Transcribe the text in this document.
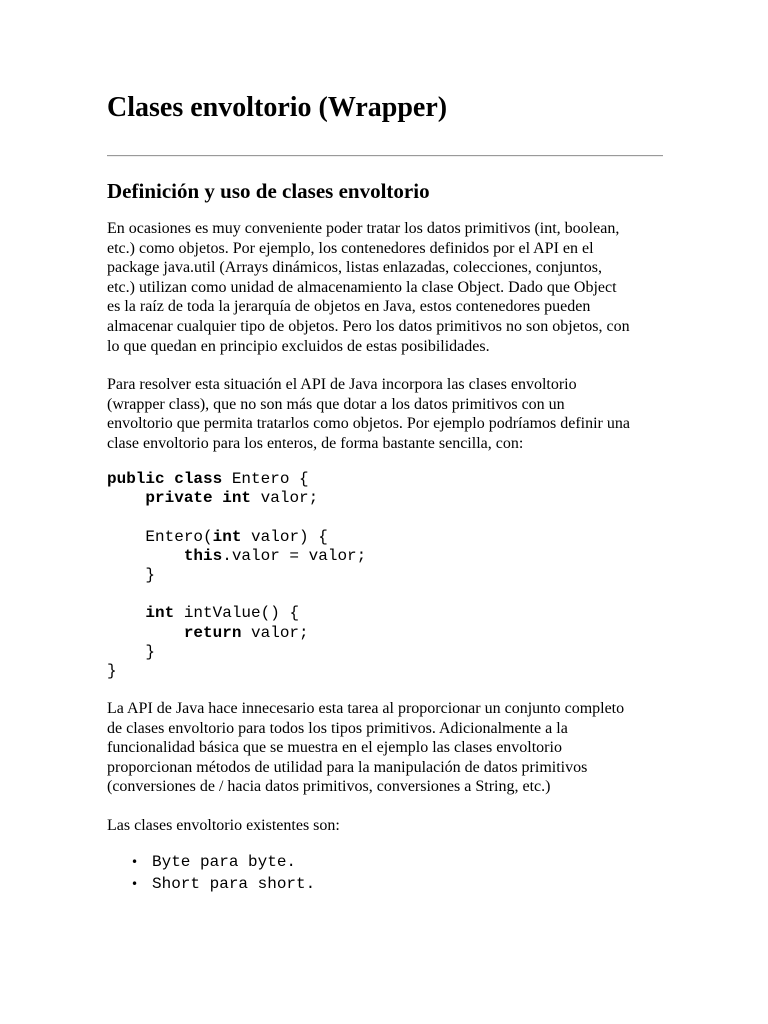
Clases envoltorio (Wrapper)
Definición y uso de clases envoltorio

En ocasiones es muy conveniente poder tratar los datos primitivos (int, boolean,
etc.) como objetos. Por ejemplo, los contenedores definidos por el API en el
package java.util (Arrays dinámicos, listas enlazadas, colecciones, conjuntos,
etc.) utilizan como unidad de almacenamiento la clase Object. Dado que Object
es la raíz de toda la jerarquía de objetos en Java, estos contenedores pueden
almacenar cualquier tipo de objetos. Pero los datos primitivos no son objetos, con
lo que quedan en principio excluidos de estas posibilidades.

Para resolver esta situación el API de Java incorpora las clases envoltorio
(wrapper class), que no son más que dotar a los datos primitivos con un
envoltorio que permita tratarlos como objetos. Por ejemplo podríamos definir una
clase envoltorio para los enteros, de forma bastante sencilla, con:

public class Entero {
private int valor;
Entero(int valor) {
this.valor = valor;
}
int intValue() {
return valor;
}
}

La API de Java hace innecesario esta tarea al proporcionar un conjunto completo
de clases envoltorio para todos los tipos primitivos. Adicionalmente a la
funcionalidad básica que se muestra en el ejemplo las clases envoltorio
proporcionan métodos de utilidad para la manipulación de datos primitivos
(conversiones de / hacia datos primitivos, conversiones a String, etc.)

Las clases envoltorio existentes son:

• Byte para byte.
• Short para short.
